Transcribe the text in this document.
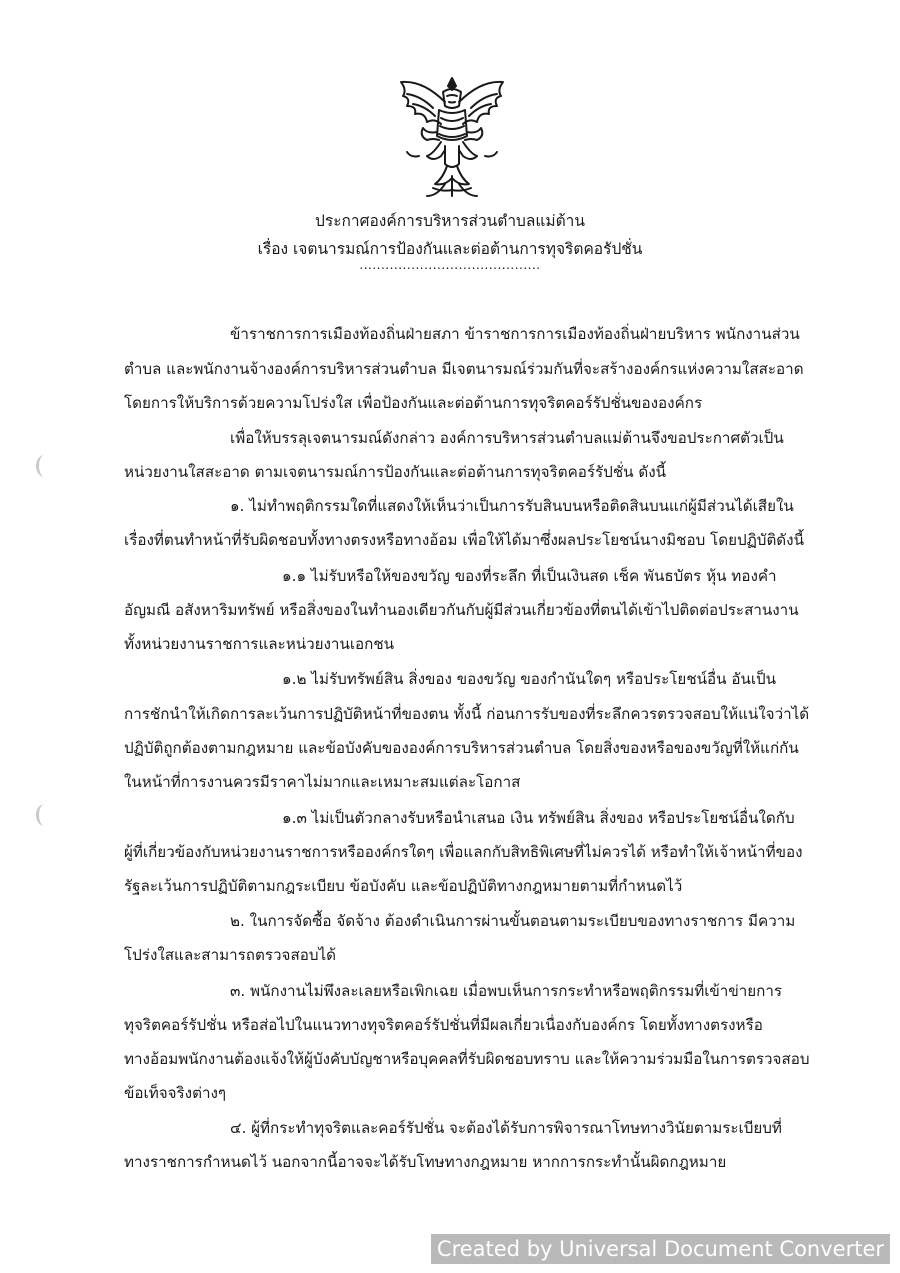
ประกาศองค์การบริหารส่วนตำบลแม่ต้าน
เรื่อง เจตนารมณ์การป้องกันและต่อต้านการทุจริตคอรัปชั่น
..........................................
ข้าราชการการเมืองท้องถิ่นฝ่ายสภา ข้าราชการการเมืองท้องถิ่นฝ่ายบริหาร พนักงานส่วน
ตำบล และพนักงานจ้างองค์การบริหารส่วนตำบล มีเจตนารมณ์ร่วมกันที่จะสร้างองค์กรแห่งความใสสะอาด
โดยการให้บริการด้วยความโปร่งใส เพื่อป้องกันและต่อต้านการทุจริตคอร์รัปชั่นขององค์กร
เพื่อให้บรรลุเจตนารมณ์ดังกล่าว องค์การบริหารส่วนตำบลแม่ต้านจึงขอประกาศตัวเป็น
หน่วยงานใสสะอาด ตามเจตนารมณ์การป้องกันและต่อต้านการทุจริตคอร์รัปชั่น ดังนี้
๑. ไม่ทำพฤติกรรมใดที่แสดงให้เห็นว่าเป็นการรับสินบนหรือติดสินบนแก่ผู้มีส่วนได้เสียใน
เรื่องที่ตนทำหน้าที่รับผิดชอบทั้งทางตรงหรือทางอ้อม เพื่อให้ได้มาซึ่งผลประโยชน์นางมิชอบ โดยปฏิบัติดังนี้
๑.๑ ไม่รับหรือให้ของขวัญ ของที่ระลึก ที่เป็นเงินสด เช็ค พันธบัตร หุ้น ทองคำ
อัญมณี อสังหาริมทรัพย์ หรือสิ่งของในทำนองเดียวกันกับผู้มีส่วนเกี่ยวข้องที่ตนได้เข้าไปติดต่อประสานงาน
ทั้งหน่วยงานราชการและหน่วยงานเอกชน
๑.๒ ไม่รับทรัพย์สิน สิ่งของ ของขวัญ ของกำนันใดๆ หรือประโยชน์อื่น อันเป็น
การชักนำให้เกิดการละเว้นการปฏิบัติหน้าที่ของตน ทั้งนี้ ก่อนการรับของที่ระลึกควรตรวจสอบให้แน่ใจว่าได้
ปฏิบัติถูกต้องตามกฎหมาย และข้อบังคับขององค์การบริหารส่วนตำบล โดยสิ่งของหรือของขวัญที่ให้แก่กัน
ในหน้าที่การงานควรมีราคาไม่มากและเหมาะสมแต่ละโอกาส
๑.๓ ไม่เป็นตัวกลางรับหรือนำเสนอ เงิน ทรัพย์สิน สิ่งของ หรือประโยชน์อื่นใดกับ
ผู้ที่เกี่ยวข้องกับหน่วยงานราชการหรือองค์กรใดๆ เพื่อแลกกับสิทธิพิเศษที่ไม่ควรได้ หรือทำให้เจ้าหน้าที่ของ
รัฐละเว้นการปฏิบัติตามกฎระเบียบ ข้อบังคับ และข้อปฏิบัติทางกฎหมายตามที่กำหนดไว้
๒. ในการจัดซื้อ จัดจ้าง ต้องดำเนินการผ่านขั้นตอนตามระเบียบของทางราชการ มีความ
โปร่งใสและสามารถตรวจสอบได้
๓. พนักงานไม่พึงละเลยหรือเพิกเฉย เมื่อพบเห็นการกระทำหรือพฤติกรรมที่เข้าข่ายการ
ทุจริตคอร์รัปชั่น หรือส่อไปในแนวทางทุจริตคอร์รัปชั่นที่มีผลเกี่ยวเนื่องกับองค์กร โดยทั้งทางตรงหรือ
ทางอ้อมพนักงานต้องแจ้งให้ผู้บังคับบัญชาหรือบุคคลที่รับผิดชอบทราบ และให้ความร่วมมือในการตรวจสอบ
ข้อเท็จจริงต่างๆ
๔. ผู้ที่กระทำทุจริตและคอร์รัปชั่น จะต้องได้รับการพิจารณาโทษทางวินัยตามระเบียบที่
ทางราชการกำหนดไว้ นอกจากนี้อาจจะได้รับโทษทางกฎหมาย หากการกระทำนั้นผิดกฎหมาย
Created by Universal Document Converter
